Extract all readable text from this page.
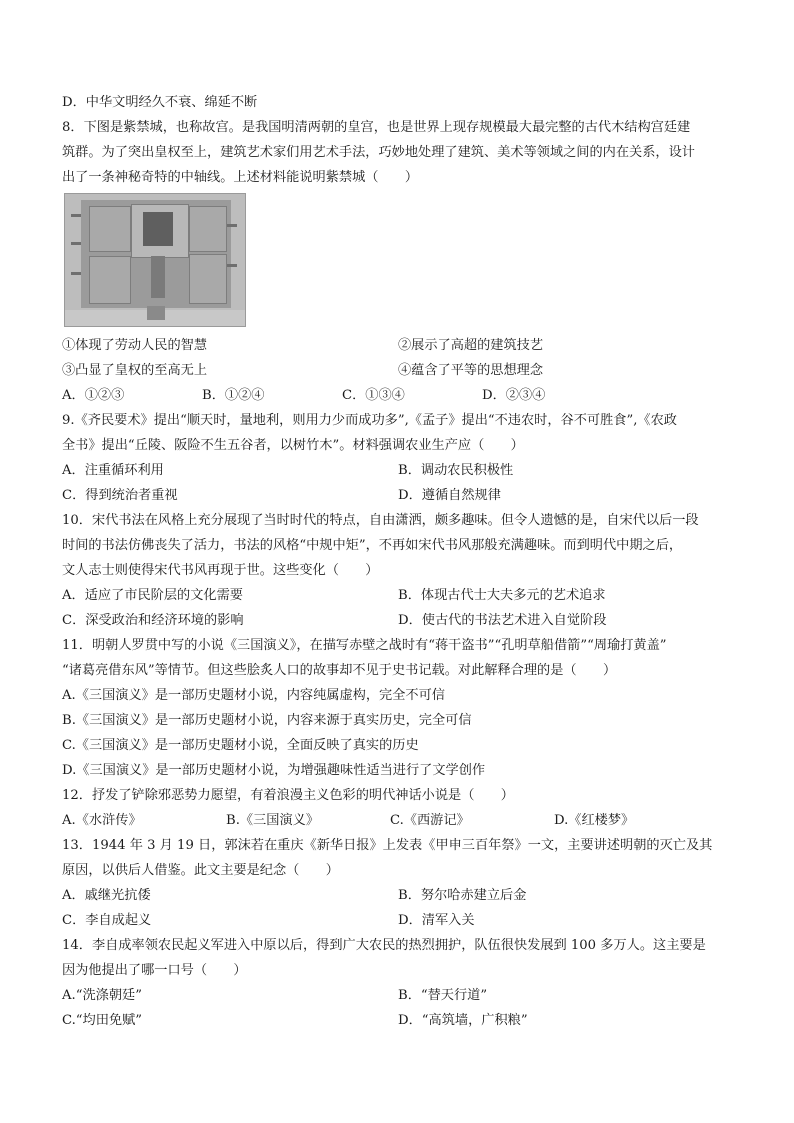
D．中华文明经久不衰、绵延不断
8．下图是紫禁城，也称故宫。是我国明清两朝的皇宫，也是世界上现存规模最大最完整的古代木结构宫廷建
筑群。为了突出皇权至上，建筑艺术家们用艺术手法，巧妙地处理了建筑、美术等领域之间的内在关系，设计
出了一条神秘奇特的中轴线。上述材料能说明紫禁城（　　）
①体现了劳动人民的智慧	②展示了高超的建筑技艺
③凸显了皇权的至高无上	④蕴含了平等的思想理念
A．①②③	B．①②④	C．①③④	D．②③④
9.《齐民要术》提出“顺天时，量地利，则用力少而成功多”,《孟子》提出“不违农时，谷不可胜食”,《农政
全书》提出“丘陵、阪险不生五谷者，以树竹木”。材料强调农业生产应（　　）
A．注重循环利用	B．调动农民积极性
C．得到统治者重视	D．遵循自然规律
10．宋代书法在风格上充分展现了当时时代的特点，自由潇洒，颇多趣味。但令人遗憾的是，自宋代以后一段
时间的书法仿佛丧失了活力，书法的风格“中规中矩”，不再如宋代书风那般充满趣味。而到明代中期之后，
文人志士则使得宋代书风再现于世。这些变化（　　）
A．适应了市民阶层的文化需要	B．体现古代士大夫多元的艺术追求
C．深受政治和经济环境的影响	D．使古代的书法艺术进入自觉阶段
11．明朝人罗贯中写的小说《三国演义》，在描写赤壁之战时有“蒋干盗书”“孔明草船借箭”“周瑜打黄盖”
“诸葛亮借东风”等情节。但这些脍炙人口的故事却不见于史书记载。对此解释合理的是（　　）
A.《三国演义》是一部历史题材小说，内容纯属虚构，完全不可信
B.《三国演义》是一部历史题材小说，内容来源于真实历史，完全可信
C.《三国演义》是一部历史题材小说，全面反映了真实的历史
D.《三国演义》是一部历史题材小说，为增强趣味性适当进行了文学创作
12．抒发了铲除邪恶势力愿望，有着浪漫主义色彩的明代神话小说是（　　）
A.《水浒传》	B.《三国演义》	C.《西游记》	D.《红楼梦》
13．1944 年 3 月 19 日，郭沫若在重庆《新华日报》上发表《甲申三百年祭》一文，主要讲述明朝的灭亡及其
原因，以供后人借鉴。此文主要是纪念（　　）
A．戚继光抗倭	B．努尔哈赤建立后金
C．李自成起义	D．清军入关
14．李自成率领农民起义军进入中原以后，得到广大农民的热烈拥护，队伍很快发展到 100 多万人。这主要是
因为他提出了哪一口号（　　）
A.“洗涤朝廷”	B．“替天行道”
C.“均田免赋”	D．“高筑墙，广积粮”
